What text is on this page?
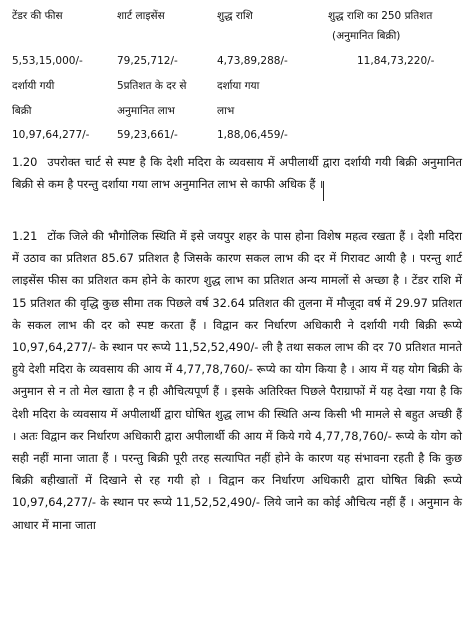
टेंडर की फीस	शार्ट लाइसेंस	शुद्ध राशि	शुद्ध राशि का 250 प्रतिशत
(अनुमानित बिक्री)
5,53,15,000/-	79,25,712/-	4,73,89,288/-	11,84,73,220/-
दर्शायी गयी	5प्रतिशत के दर से	दर्शाया गया
बिक्री	अनुमानित लाभ	लाभ
10,97,64,277/-	59,23,661/-	1,88,06,459/-
1.20 उपरोक्त चार्ट से स्पष्ट है कि देशी मदिरा के व्यवसाय में अपीलार्थी द्वारा दर्शायी गयी बिक्री अनुमानित बिक्री से कम है परन्तु दर्शाया गया लाभ अनुमानित लाभ से काफी अधिक हैं ।
1.21 टोंक जिले की भौगोलिक स्थिति में इसे जयपुर शहर के पास होना विशेष महत्व रखता हैं । देशी मदिरा में उठाव का प्रतिशत 85.67 प्रतिशत है जिसके कारण सकल लाभ की दर में गिरावट आयी है । परन्तु शार्ट लाइसेंस फीस का प्रतिशत कम होने के कारण शुद्ध लाभ का प्रतिशत अन्य मामलों से अच्छा है । टेंडर राशि में 15 प्रतिशत की वृद्धि कुछ सीमा तक पिछले वर्ष 32.64 प्रतिशत की तुलना में मौजूदा वर्ष में 29.97 प्रतिशत के सकल लाभ की दर को स्पष्ट करता हैं । विद्वान कर निर्धारण अधिकारी ने दर्शायी गयी बिक्री रूप्ये 10,97,64,277/- के स्थान पर रूप्ये 11,52,52,490/- ली है तथा सकल लाभ की दर 70 प्रतिशत मानते हुये देशी मदिरा के व्यवसाय की आय में 4,77,78,760/- रूप्ये का योग किया है । आय में यह योग बिक्री के अनुमान से न तो मेल खाता है न ही औचित्यपूर्ण हैं । इसके अतिरिक्त पिछले पैराग्राफों में यह देखा गया है कि देशी मदिरा के व्यवसाय में अपीलार्थी द्वारा घोषित शुद्ध लाभ की स्थिति अन्य किसी भी मामले से बहुत अच्छी हैं । अतः विद्वान कर निर्धारण अधिकारी द्वारा अपीलार्थी की आय में किये गये 4,77,78,760/- रूप्ये के योग को सही नहीं माना जाता हैं । परन्तु बिक्री पूरी तरह सत्यापित नहीं होने के कारण यह संभावना रहती है कि कुछ बिक्री बहीखातों में दिखाने से रह गयी हो । विद्वान कर निर्धारण अधिकारी द्वारा घोषित बिक्री रूप्ये 10,97,64,277/- के स्थान पर रूप्ये 11,52,52,490/- लिये जाने का कोई औचित्य नहीं हैं । अनुमान के आधार में माना जाता
